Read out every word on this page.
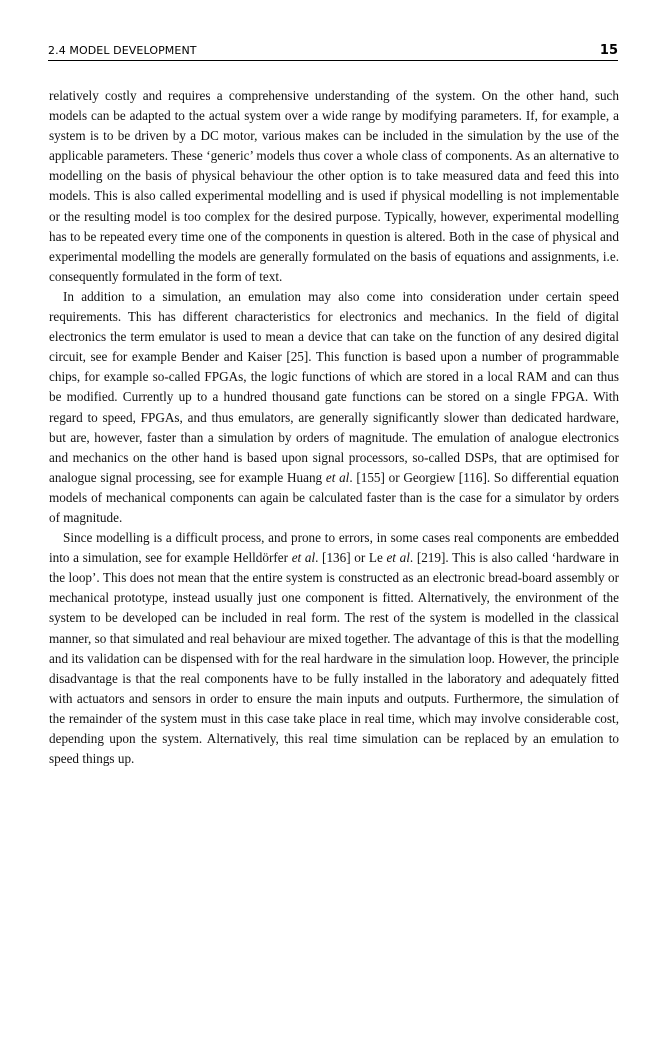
2.4 MODEL DEVELOPMENT	15

relatively costly and requires a comprehensive understanding of the system. On the other hand, such models can be adapted to the actual system over a wide range by modifying parameters. If, for example, a system is to be driven by a DC motor, various makes can be included in the simulation by the use of the applicable parameters. These ‘generic’ models thus cover a whole class of components. As an alternative to modelling on the basis of physical behaviour the other option is to take measured data and feed this into models. This is also called experimental modelling and is used if physical modelling is not implementable or the resulting model is too complex for the desired purpose. Typically, however, experimental modelling has to be repeated every time one of the components in question is altered. Both in the case of physical and experimental modelling the models are generally formulated on the basis of equations and assignments, i.e. consequently formulated in the form of text.

In addition to a simulation, an emulation may also come into consideration under certain speed requirements. This has different characteristics for electronics and mechanics. In the field of digital electronics the term emulator is used to mean a device that can take on the function of any desired digital circuit, see for example Bender and Kaiser [25]. This function is based upon a number of programmable chips, for example so-called FPGAs, the logic functions of which are stored in a local RAM and can thus be modified. Currently up to a hundred thousand gate functions can be stored on a single FPGA. With regard to speed, FPGAs, and thus emulators, are generally significantly slower than dedicated hardware, but are, however, faster than a simulation by orders of magnitude. The emulation of analogue electronics and mechanics on the other hand is based upon signal processors, so-called DSPs, that are optimised for analogue signal processing, see for example Huang et al. [155] or Georgiew [116]. So differential equation models of mechanical components can again be calculated faster than is the case for a simulator by orders of magnitude.

Since modelling is a difficult process, and prone to errors, in some cases real components are embedded into a simulation, see for example Helldörfer et al. [136] or Le et al. [219]. This is also called ‘hardware in the loop’. This does not mean that the entire system is constructed as an electronic bread-board assembly or mechanical prototype, instead usually just one component is fitted. Alternatively, the environment of the system to be developed can be included in real form. The rest of the system is modelled in the classical manner, so that simulated and real behaviour are mixed together. The advantage of this is that the modelling and its validation can be dispensed with for the real hardware in the simulation loop. However, the principle disadvantage is that the real components have to be fully installed in the laboratory and adequately fitted with actuators and sensors in order to ensure the main inputs and outputs. Furthermore, the simulation of the remainder of the system must in this case take place in real time, which may involve considerable cost, depending upon the system. Alternatively, this real time simulation can be replaced by an emulation to speed things up.
